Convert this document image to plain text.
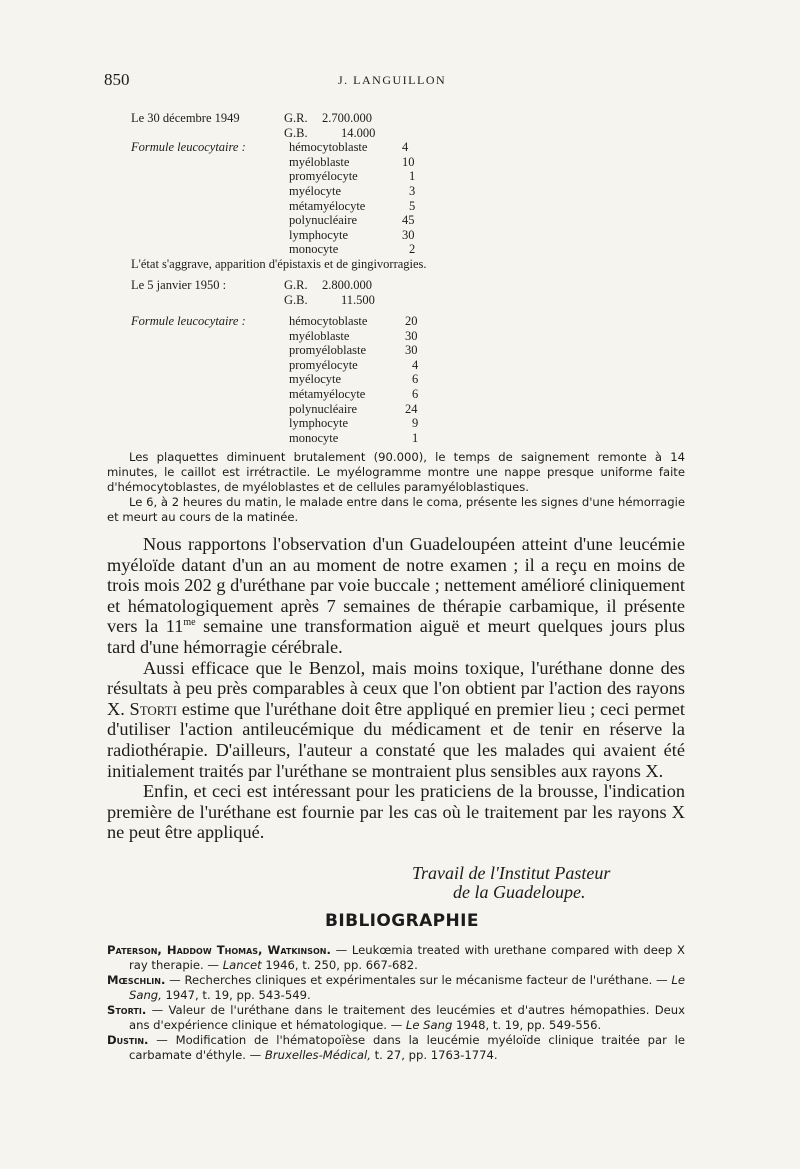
850	J. LANGUILLON
Le 30 décembre 1949	G.R. 2.700.000
G.B.	14.000
Formule leucocytaire :	hémocytoblaste	4
myéloblaste	10
promyélocyte	1
myélocyte	3
métamyélocyte	5
polynucléaire	45
lymphocyte	30
monocyte	2
L'état s'aggrave, apparition d'épistaxis et de gingivorragies.
Le 5 janvier 1950 :	G.R. 2.800.000
G.B.	11.500
Formule leucocytaire :	hémocytoblaste	20
myéloblaste	30
promyéloblaste	30
promyélocyte	4
myélocyte	6
métamyélocyte	6
polynucléaire	24
lymphocyte	9
monocyte	1

Les plaquettes diminuent brutalement (90.000), le temps de saignement remonte à 14 minutes, le caillot est irrétractile. Le myélogramme montre une nappe presque uniforme faite d'hémocytoblastes, de myéloblastes et de cellules paramyéloblastiques.

Le 6, à 2 heures du matin, le malade entre dans le coma, présente les signes d'une hémorragie et meurt au cours de la matinée.

Nous rapportons l'observation d'un Guadeloupéen atteint d'une leucémie myéloïde datant d'un an au moment de notre examen ; il a reçu en moins de trois mois 202 g d'uréthane par voie buccale ; nettement amélioré cliniquement et hématologiquement après 7 semaines de thérapie carbamique, il présente vers la $11^{me}$ semaine une transformation aiguë et meurt quelques jours plus tard d'une hémorragie cérébrale.

Aussi efficace que le Benzol, mais moins toxique, l'uréthane donne des résultats à peu près comparables à ceux que l'on obtient par l'action des rayons X. Storti estime que l'uréthane doit être appliqué en premier lieu ; ceci permet d'utiliser l'action antileucémique du médicament et de tenir en réserve la radiothérapie. D'ailleurs, l'auteur a constaté que les malades qui avaient été initialement traités par l'uréthane se montraient plus sensibles aux rayons X.

Enfin, et ceci est intéressant pour les praticiens de la brousse, l'indication première de l'uréthane est fournie par les cas où le traitement par les rayons X ne peut être appliqué.

Travail de l'Institut Pasteur
de la Guadeloupe.
BIBLIOGRAPHIE

Paterson, Haddow Thomas, Watkinson. — Leukœmia treated with urethane compared with deep X ray therapie. — Lancet 1946, t. 250, pp. 667-682.

Mœschlin. — Recherches cliniques et expérimentales sur le mécanisme facteur de l'uréthane. — Le Sang, 1947, t. 19, pp. 543-549.

Storti. — Valeur de l'uréthane dans le traitement des leucémies et d'autres hémopathies. Deux ans d'expérience clinique et hématologique. — Le Sang 1948, t. 19, pp. 549-556.

Dustin. — Modification de l'hématopoïèse dans la leucémie myéloïde clinique traitée par le carbamate d'éthyle. — Bruxelles-Médical, t. 27, pp. 1763-1774.
